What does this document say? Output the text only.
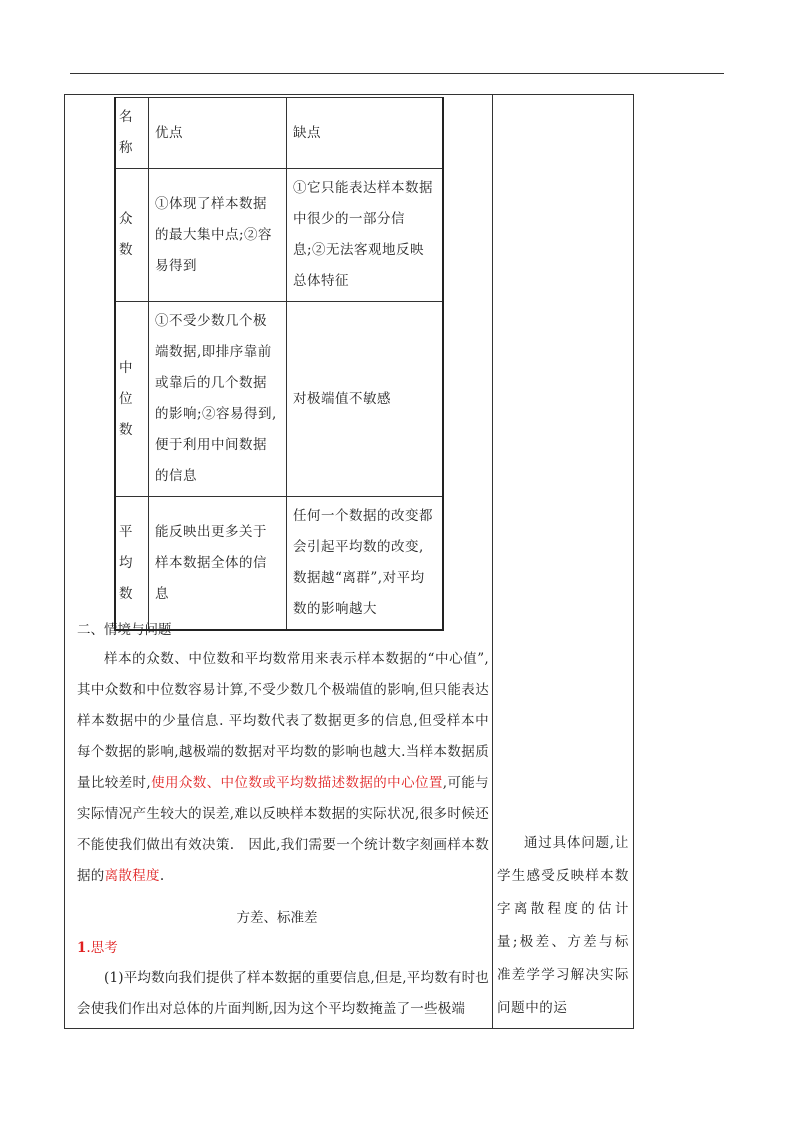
名称	优点	缺点
众数	①体现了样本数据的最大集中点;②容易得到	①它只能表达样本数据中很少的一部分信息;②无法客观地反映总体特征
中位数	①不受少数几个极端数据,即排序靠前或靠后的几个数据的影响;②容易得到,便于利用中间数据的信息	对极端值不敏感
平均数	能反映出更多关于样本数据全体的信息	任何一个数据的改变都会引起平均数的改变,数据越“离群”,对平均数的影响越大
二、情境与问题
样本的众数、中位数和平均数常用来表示样本数据的“中心值”,其中众数和中位数容易计算,不受少数几个极端值的影响,但只能表达样本数据中的少量信息. 平均数代表了数据更多的信息,但受样本中每个数据的影响,越极端的数据对平均数的影响也越大.当样本数据质量比较差时,使用众数、中位数或平均数描述数据的中心位置,可能与实际情况产生较大的误差,难以反映样本数据的实际状况,很多时候还不能使我们做出有效决策.　因此,我们需要一个统计数字刻画样本数据的离散程度.
方差、标准差
1.思考
(1)平均数向我们提供了样本数据的重要信息,但是,平均数有时也会使我们作出对总体的片面判断,因为这个平均数掩盖了一些极端
通过具体问题,让学生感受反映样本数字离散程度的估计量;极差、方差与标准差学学习解决实际问题中的运
